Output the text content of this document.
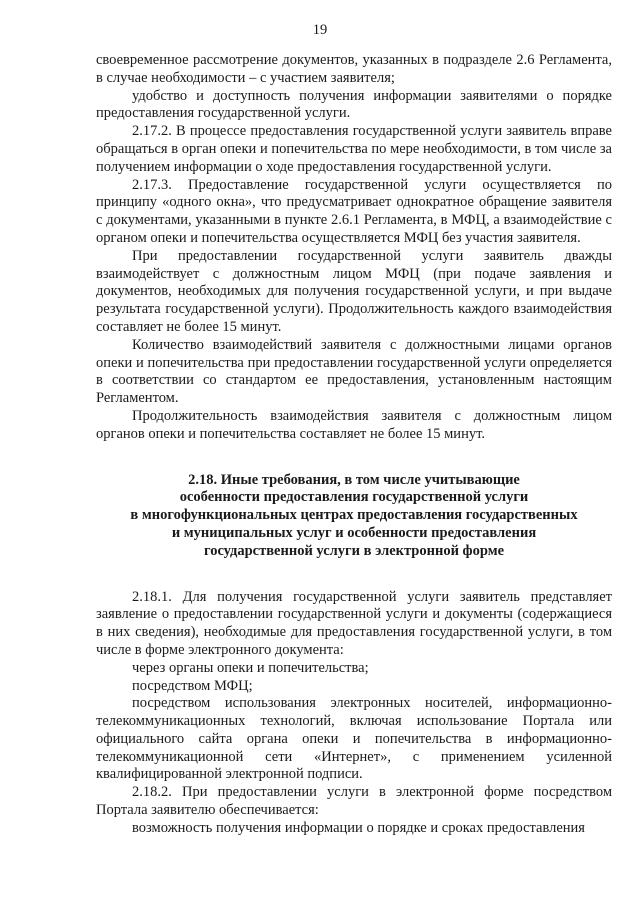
19

своевременное рассмотрение документов, указанных в подразделе 2.6 Регламента, в случае необходимости – с участием заявителя;

удобство и доступность получения информации заявителями о порядке предоставления государственной услуги.

2.17.2. В процессе предоставления государственной услуги заявитель вправе обращаться в орган опеки и попечительства по мере необходимости, в том числе за получением информации о ходе предоставления государственной услуги.

2.17.3. Предоставление государственной услуги осуществляется по принципу «одного окна», что предусматривает однократное обращение заявителя с документами, указанными в пункте 2.6.1 Регламента, в МФЦ, а взаимодействие с органом опеки и попечительства осуществляется МФЦ без участия заявителя.

При предоставлении государственной услуги заявитель дважды взаимодействует с должностным лицом МФЦ (при подаче заявления и документов, необходимых для получения государственной услуги, и при выдаче результата государственной услуги). Продолжительность каждого взаимодействия составляет не более 15 минут.

Количество взаимодействий заявителя с должностными лицами органов опеки и попечительства при предоставлении государственной услуги определяется в соответствии со стандартом ее предоставления, установленным настоящим Регламентом.

Продолжительность взаимодействия заявителя с должностным лицом органов опеки и попечительства составляет не более 15 минут.

2.18. Иные требования, в том числе учитывающие
особенности предоставления государственной услуги
в многофункциональных центрах предоставления государственных
и муниципальных услуг и особенности предоставления
государственной услуги в электронной форме

2.18.1. Для получения государственной услуги заявитель представляет заявление о предоставлении государственной услуги и документы (содержащиеся в них сведения), необходимые для предоставления государственной услуги, в том числе в форме электронного документа:

через органы опеки и попечительства;

посредством МФЦ;

посредством использования электронных носителей, информационно-телекоммуникационных технологий, включая использование Портала или официального сайта органа опеки и попечительства в информационно-телекоммуникационной сети «Интернет», с применением усиленной квалифицированной электронной подписи.

2.18.2. При предоставлении услуги в электронной форме посредством Портала заявителю обеспечивается:

возможность получения информации о порядке и сроках предоставления
